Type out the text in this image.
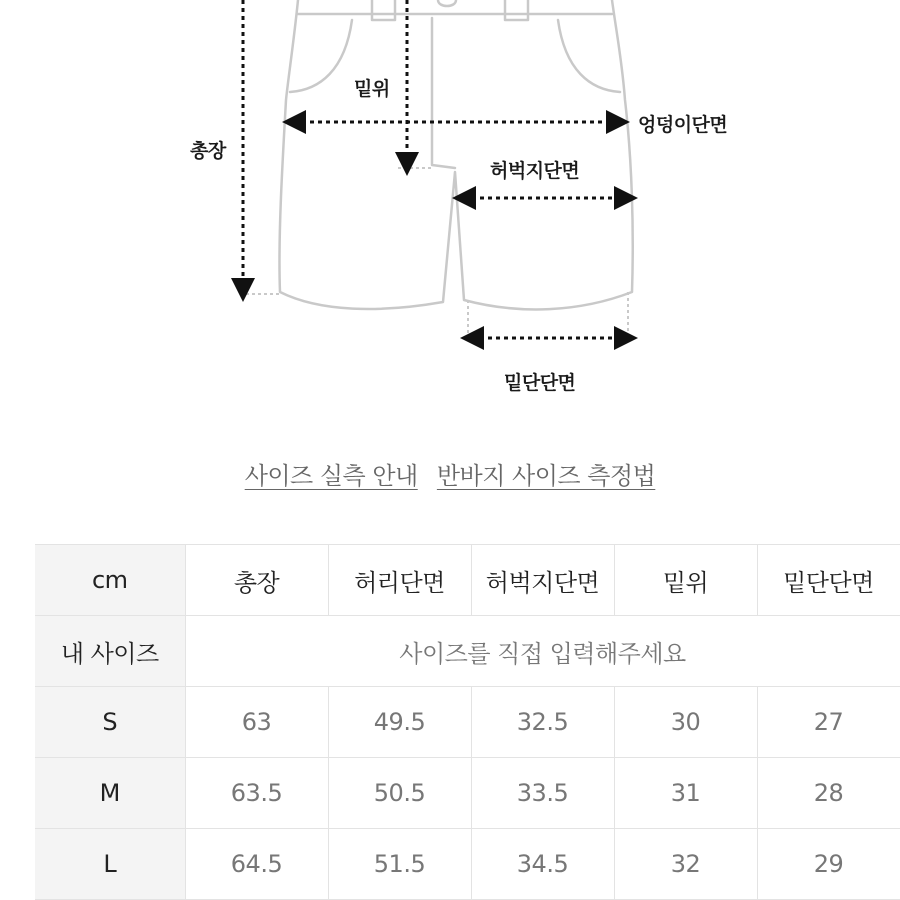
밑위
엉덩이단면
총장
허벅지단면
밑단단면
사이즈 실측 안내 반바지 사이즈 측정법
cm	총장	허리단면	허벅지단면	밑위	밑단단면
내 사이즈	사이즈를 직접 입력해주세요				
S	63	49.5	32.5	30	27
M	63.5	50.5	33.5	31	28
L	64.5	51.5	34.5	32	29
